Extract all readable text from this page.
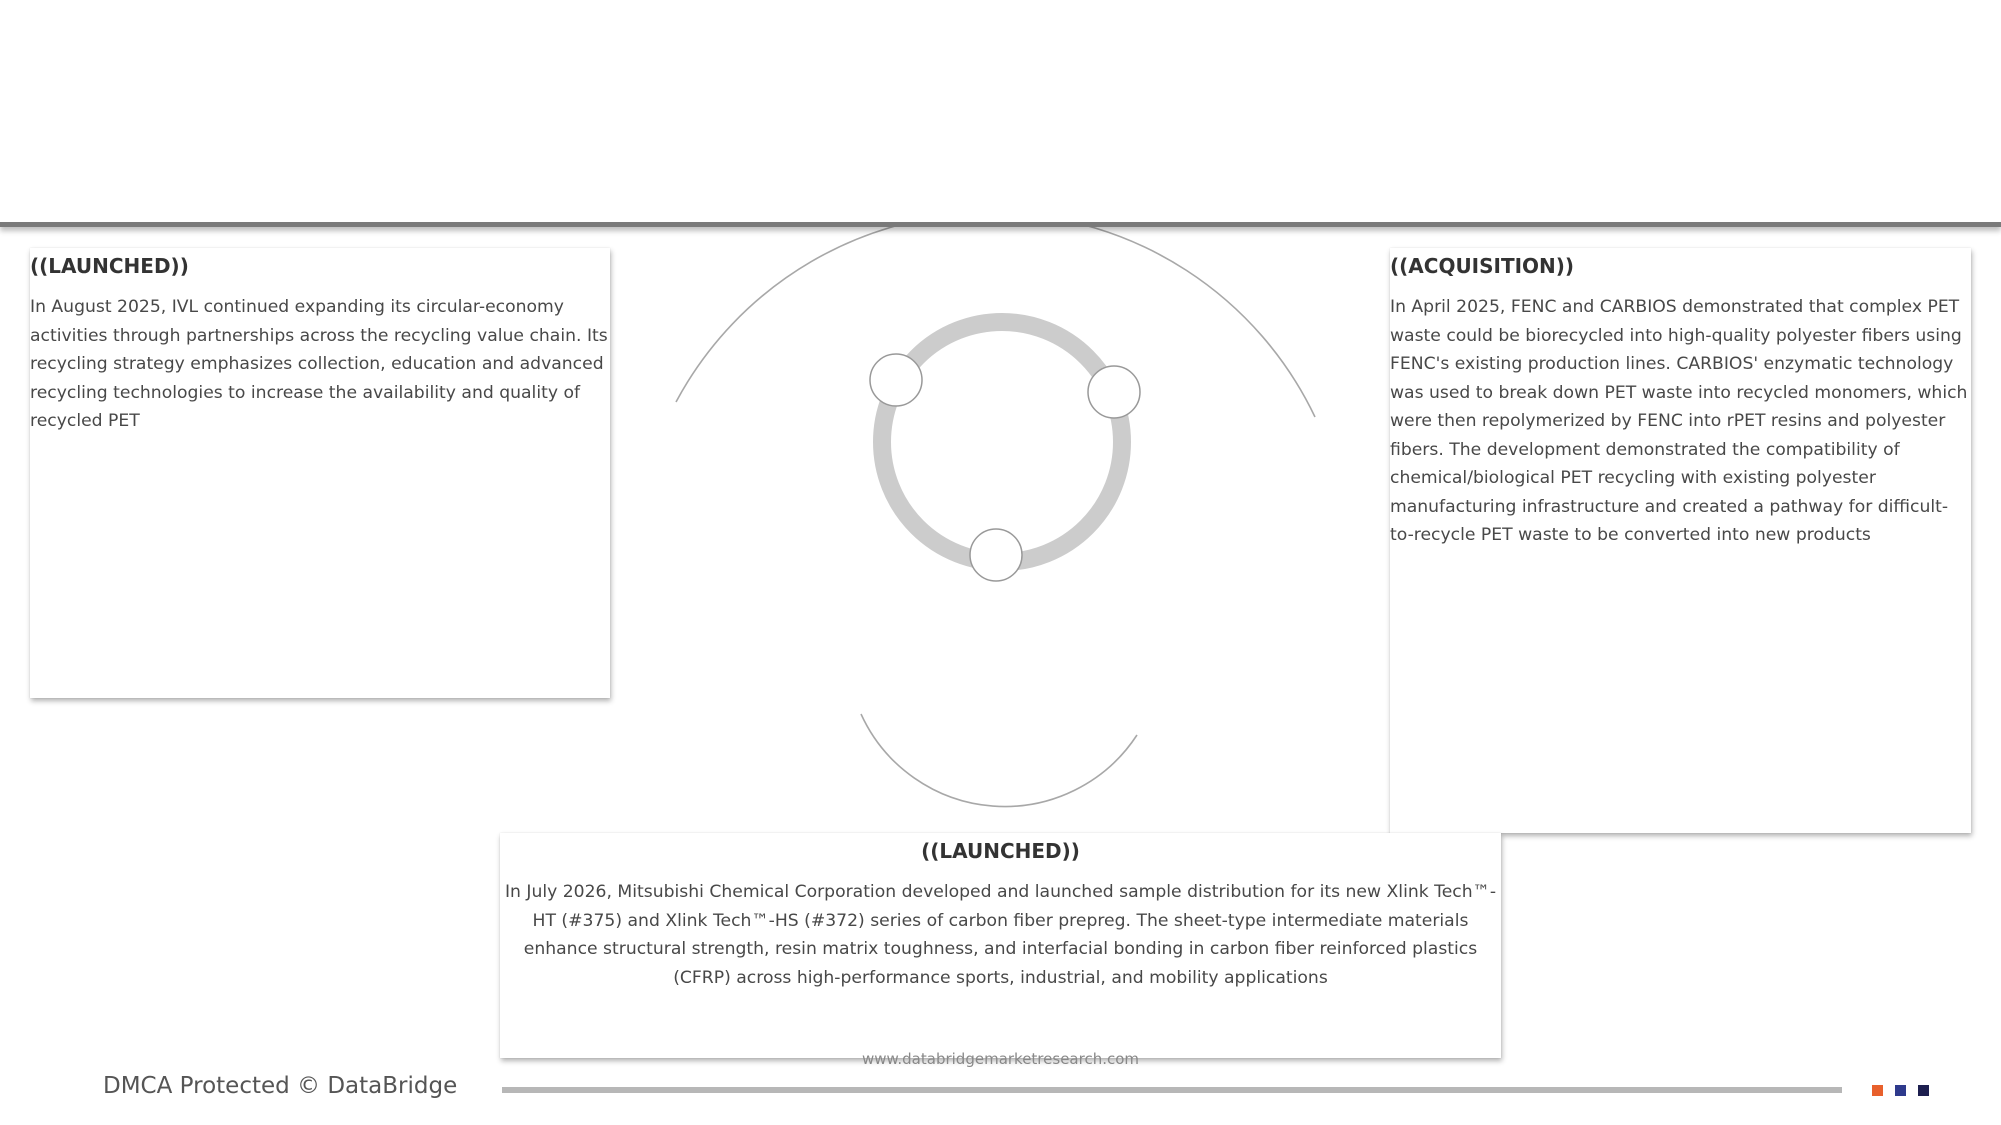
((LAUNCHED))
In August 2025, IVL continued expanding its circular-economy activities through partnerships across the recycling value chain. Its recycling strategy emphasizes collection, education and advanced recycling technologies to increase the availability and quality of recycled PET
((ACQUISITION))
In April 2025, FENC and CARBIOS demonstrated that complex PET waste could be biorecycled into high-quality polyester fibers using FENC's existing production lines. CARBIOS' enzymatic technology was used to break down PET waste into recycled monomers, which were then repolymerized by FENC into rPET resins and polyester fibers. The development demonstrated the compatibility of chemical/biological PET recycling with existing polyester manufacturing infrastructure and created a pathway for difficult-to-recycle PET waste to be converted into new products
((LAUNCHED))
In July 2026, Mitsubishi Chemical Corporation developed and launched sample distribution for its new Xlink Tech™-HT (#375) and Xlink Tech™-HS (#372) series of carbon fiber prepreg. The sheet-type intermediate materials enhance structural strength, resin matrix toughness, and interfacial bonding in carbon fiber reinforced plastics (CFRP) across high-performance sports, industrial, and mobility applications
www.databridgemarketresearch.com
DMCA Protected © DataBridge
